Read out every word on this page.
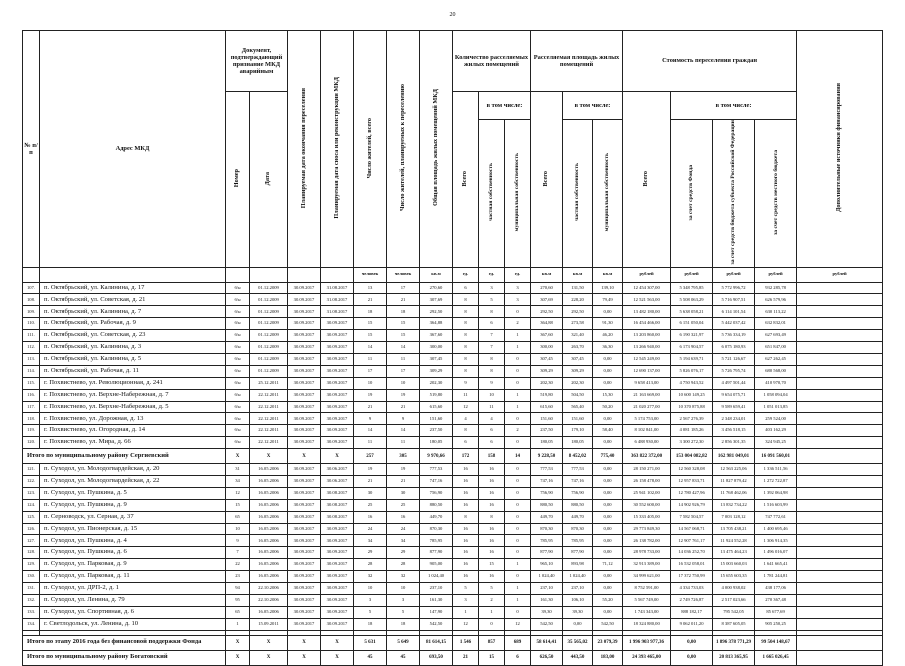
20
№ п/п	Адрес МКД	Документ, подтверждающий признание МКД аварийным		Планируемая дата окончания переселения	Планируемая дата сноса или реконструкции МКД	Число жителей, всего	Число жителей, планируемых к переселению	Общая площадь жилых помещений МКД	Количество расселяемых жилых помещений			Расселяемая площадь жилых помещений			Стоимость переселения граждан				Дополнительные источники финансирования
		Номер	Дата						Всего	в том числе:		Всего	в том числе:		Всего	в том числе:			
										частная собственность	муниципальная собственность		частная собственность	муниципальная собственность		за счет средств Фонда	за счет средств бюджета субъекта Российской Федерации	за счет средств местного бюджета	
						человек	человек	кв.м	ед.	ед.	ед.	кв.м	кв.м	кв.м	рублей	рублей	рублей	рублей	рублей
107.	п. Октябрьский, ул. Калинина, д. 17	б/н	01.12.2009	30.09.2017	31.08.2017	13	17	270,60	6	3	3	270,60	131,50	139,10	12 454 307,00	5 348 795,85	5 772 996,72	932 285,78	
108.	п. Октябрьский, ул. Советская, д. 21	б/н	01.12.2009	30.09.2017	31.08.2017	21	21	307,69	8	5	3	307,69	228,20	79,49	12 521 563,00	5 508 063,29	5 716 907,51	626 579,96	
109.	п. Октябрьский, ул. Калинина, д. 7	б/н	01.12.2009	30.09.2017	31.08.2017	18	18	292,50	8	8	0	292,50	292,50	0,00	13 482 180,00	5 638 058,21	6 114 101,54	630 113,22	
110.	п. Октябрьский, ул. Рабочая, д. 9	б/н	01.12.2009	30.09.2017	30.09.2017	15	15	364,88	8	6	2	364,88	273,58	91,30	16 454 466,00	6 151 050,04	5 442 037,42	632 832,01	
111.	п. Октябрьский, ул. Советская, д. 23	б/н	01.12.2009	30.09.2017	30.09.2017	15	15	367,60	8	7	1	367,60	321,40	46,20	13 203 860,00	6 190 321,97	5 736 334,19	627 693,49	
112.	п. Октябрьский, ул. Калинина, д. 3	б/н	01.12.2009	30.09.2017	30.09.2017	14	14	300,00	8	7	1	300,00	263,70	36,30	13 266 940,00	6 173 904,57	6 075 180,93	651 847,00	
113.	п. Октябрьский, ул. Калинина, д. 5	б/н	01.12.2009	30.09.2017	30.09.2017	11	11	307,45	8	8	0	307,45	307,45	0,00	12 545 249,00	5 194 639,71	5 721 126,67	627 262,45	
114.	п. Октябрьский, ул. Рабочая, д. 11	б/н	01.12.2009	30.09.2017	30.09.2017	17	17	309,29	8	8	0	309,29	309,29	0,00	12 690 137,00	5 826 076,17	5 726 795,74	680 568,00	
115.	г. Похвистнево, ул. Революционная, д. 241	б/н	25.12.2011	30.09.2017	30.09.2017	10	10	202,30	9	9	0	202,30	202,30	0,00	9 658 413,00	4 750 943,52	4 497 501,44	410 970,70	
116.	г. Похвистнево, ул. Верхне-Набережная, д. 7	б/н	22.12.2011	30.09.2017	30.09.2017	19	19	519,80	11	10	1	519,80	504,50	15,30	21 163 669,00	10 600 149,25	9 654 075,71	1 058 094,04	
117.	г. Похвистнево, ул. Верхне-Набережная, д. 5	б/н	22.12.2011	30.09.2017	30.09.2017	21	21	615,60	12	11	1	615,60	565,40	50,20	21 020 277,00	10 370 875,88	9 589 659,41	1 051 013,85	
118.	г. Похвистнево, ул. Дорожная, д. 13	б/н	22.12.2011	30.09.2017	30.09.2017	9	9	151,60	4	4	0	151,60	151,60	0,00	5 174 753,00	2 567 276,39	2 348 234,01	259 524,00	
119.	г. Похвистнево, ул. Огородная, д. 14	б/н	22.12.2011	30.09.2017	30.09.2017	14	14	237,50	8	6	2	237,50	179,10	58,40	8 102 841,00	4 081 185,26	3 456 518,15	403 162,29	
120.	г. Похвистнево, ул. Мира, д. 66	б/н	22.12.2011	30.09.2017	30.09.2017	11	11	180,05	6	6	0	180,05	180,05	0,00	6 488 930,00	3 300 272,30	2 856 301,35	324 945,25	
Итого по муниципальному району Сергиевский		X	X	X	X	257	305	9 970,66	172	158	14	9 228,50	8 452,02	775,40	363 822 372,00	153 004 082,82	162 981 049,01	16 091 560,01	
121.	п. Суходол, ул. Молодогвардейская, д. 20	31	16.05.2006	30.09.2017	30.06.2017	19	19	777,53	16	16	0	777,53	777,53	0,00	28 150 271,00	12 560 328,08	12 563 225,06	1 336 511,56	
122.	п. Суходол, ул. Молодогвардейская, д. 22	34	16.05.2006	30.09.2017	30.06.2017	21	21	747,16	16	16	0	747,16	747,16	0,00	26 158 478,00	12 957 833,71	11 827 879,42	1 272 722,87	
123.	п. Суходол, ул. Пушкина, д. 5	12	16.05.2006	30.09.2017	30.08.2017	30	30	756,90	16	16	0	756,90	756,90	0,00	25 941 102,00	12 780 427,96	11 768 462,06	1 392 064,98	
124.	п. Суходол, ул. Пушкина, д. 9	15	16.05.2006	30.09.2017	30.08.2017	25	25	880,50	16	16	0	880,50	880,50	0,00	30 552 600,00	14 902 926,79	13 832 734,22	1 516 603,99	
125.	п. Серноводск, ул. Серная, д. 37	65	16.05.2006	30.09.2017	30.08.2017	16	16	449,70	8	8	0	449,70	449,70	0,00	15 333 405,00	7 582 504,57	7 003 128,12	747 772,61	
126.	п. Суходол, ул. Пионерская, д. 15	10	16.05.2006	30.09.2017	30.09.2017	24	24	870,30	16	16	0	870,30	870,30	0,00	29 773 849,30	14 567 068,71	13 705 438,21	1 400 695,46	
127.	п. Суходол, ул. Пушкина, д. 4	9	16.05.2006	30.09.2017	30.09.2017	34	34	785,95	16	16	0	785,95	785,95	0,00	26 138 782,00	12 907 761,17	11 924 552,28	1 306 914,35	
128.	п. Суходол, ул. Пушкина, д. 6	7	16.05.2006	30.09.2017	30.09.2017	29	29	877,90	16	16	0	877,90	877,90	0,00	28 978 733,00	14 036 252,70	13 475 464,23	1 496 016,07	
129.	п. Суходол, ул. Парковая, д. 9	22	16.05.2006	30.09.2017	30.09.2017	28	28	905,00	16	15	1	965,10	893,98	71,12	32 913 389,00	16 532 058,01	15 003 660,03	1 641 665,41	
130.	п. Суходол, ул. Парковая, д. 11	23	16.05.2006	30.09.2017	30.09.2017	32	32	1 024,40	16	16	0	1 024,40	1 024,40	0,00	34 999 621,00	17 372 750,99	15 655 603,35	1 781 244,81	
131.	п. Суходол, ул. ДРП-2, д. 1	94	22.10.2006	30.09.2017	30.09.2017	10	10	237,10	5	5	1	237,10	237,10	0,00	8 752 591,00	4 334 733,03	4 000 938,02	438 177,06	
132.	п. Суходол, ул. Ленина, д. 79	95	22.10.2006	30.09.2017	30.09.2017	3	3	161,30	3	2	1	161,30	106,10	55,20	5 567 749,00	2 749 726,87	2 517 023,66	270 367,48	
133.	п. Суходол, ул. Спортивная, д. 6	65	16.05.2006	30.09.2017	30.09.2017	5	5	147,90	1	1	0	39,30	39,30	0,00	1 743 343,00	888 182,17	795 542,05	85 677,69	
134.	г. Светлодольск, ул. Ленина, д. 10	1	15.09.2011	30.09.2017	30.09.2017	18	18	542,50	12	0	12	542,50	0,00	542,50	18 324 880,00	9 062 011,20	8 387 605,05	905 250,25	

Итого по этапу 2016 года без финансовой поддержки Фонда		X	X	X	X	5 631	5 649	81 614,15	1 546	857	689	58 614,41	35 565,02	23 079,39	1 996 903 977,36	0,00	1 896 378 771,29	99 504 148,67	
Итого по муниципальному району Богатовский		X	X	X	X	45	45	693,50	21	15	6	626,50	443,50	183,00	24 393 465,00	0,00	20 813 365,95	1 665 026,45	
